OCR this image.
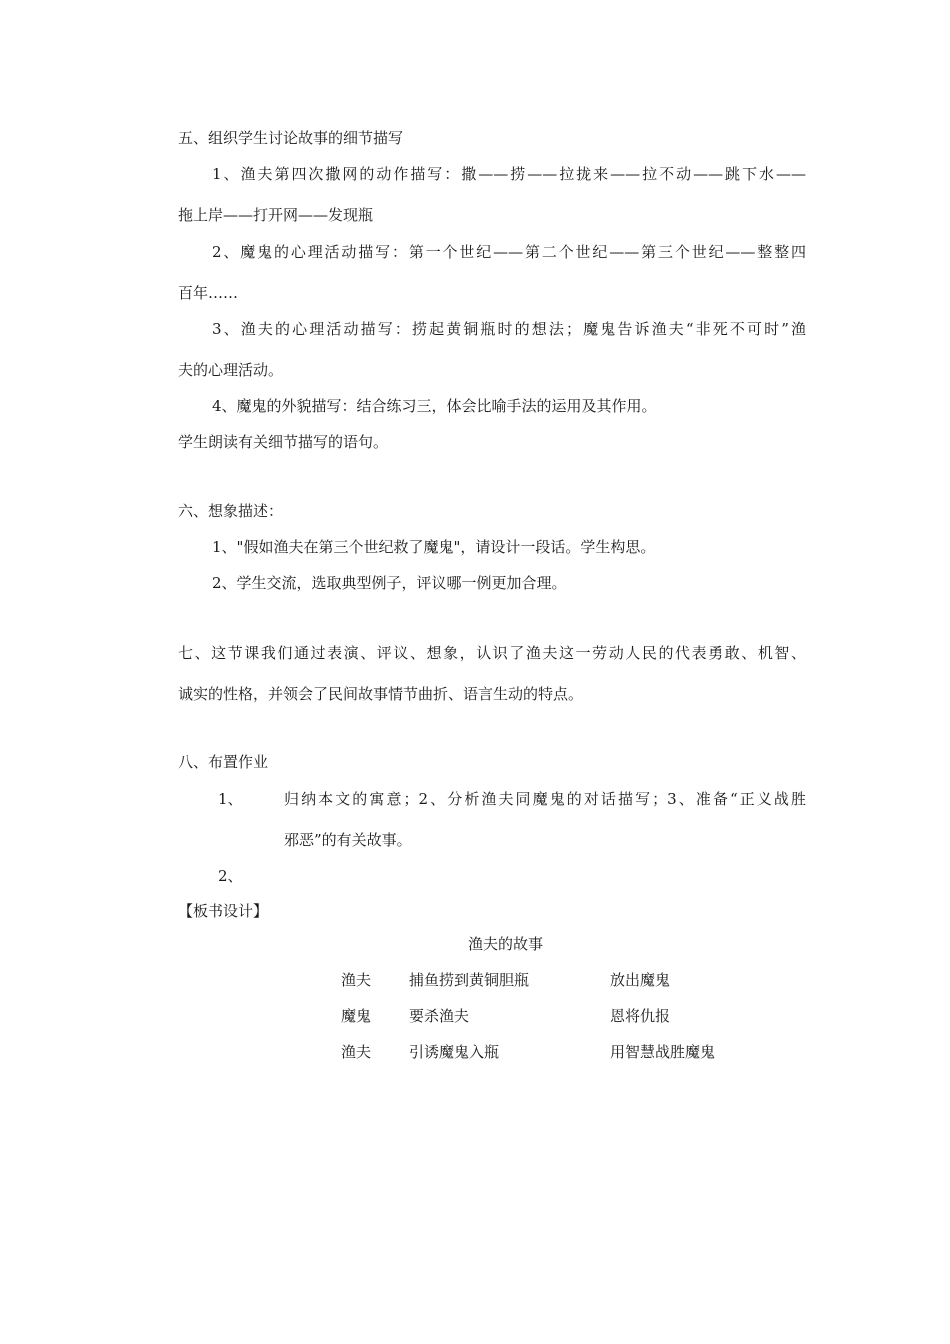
五、组织学生讨论故事的细节描写
1、渔夫第四次撒网的动作描写：撒——捞——拉拢来——拉不动——跳下水——
拖上岸——打开网——发现瓶
2、魔鬼的心理活动描写：第一个世纪——第二个世纪——第三个世纪——整整四
百年……
3、渔夫的心理活动描写：捞起黄铜瓶时的想法；魔鬼告诉渔夫“非死不可时”渔
夫的心理活动。
4、魔鬼的外貌描写：结合练习三，体会比喻手法的运用及其作用。
学生朗读有关细节描写的语句。
六、想象描述：
1、"假如渔夫在第三个世纪救了魔鬼"，请设计一段话。学生构思。
2、学生交流，选取典型例子，评议哪一例更加合理。
七、这节课我们通过表演、评议、想象，认识了渔夫这一劳动人民的代表勇敢、机智、
诚实的性格，并领会了民间故事情节曲折、语言生动的特点。
八、布置作业
1、	归纳本文的寓意；2、分析渔夫同魔鬼的对话描写；3、准备“正义战胜
邪恶”的有关故事。
2、
【板书设计】
渔夫的故事
渔夫	捕鱼捞到黄铜胆瓶	放出魔鬼
魔鬼	要杀渔夫	恩将仇报
渔夫	引诱魔鬼入瓶	用智慧战胜魔鬼
